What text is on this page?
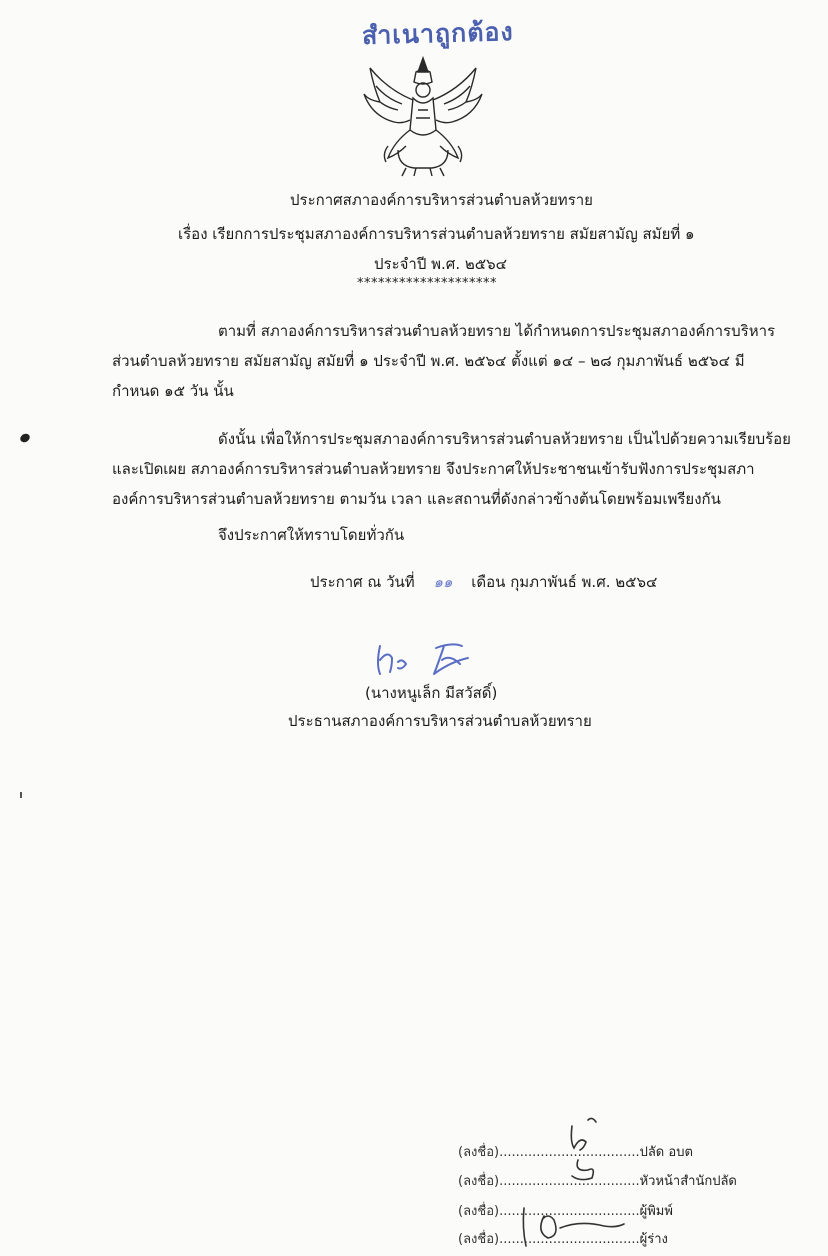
สำเนาถูกต้อง
ประกาศสภาองค์การบริหารส่วนตำบลห้วยทราย
เรื่อง เรียกการประชุมสภาองค์การบริหารส่วนตำบลห้วยทราย สมัยสามัญ สมัยที่ ๑
ประจำปี พ.ศ. ๒๕๖๔
********************
ตามที่ สภาองค์การบริหารส่วนตำบลห้วยทราย ได้กำหนดการประชุมสภาองค์การบริหาร
ส่วนตำบลห้วยทราย สมัยสามัญ สมัยที่ ๑ ประจำปี พ.ศ. ๒๕๖๔ ตั้งแต่ ๑๔ – ๒๘ กุมภาพันธ์ ๒๕๖๔ มี
กำหนด ๑๕ วัน นั้น
ดังนั้น เพื่อให้การประชุมสภาองค์การบริหารส่วนตำบลห้วยทราย เป็นไปด้วยความเรียบร้อย
และเปิดเผย สภาองค์การบริหารส่วนตำบลห้วยทราย จึงประกาศให้ประชาชนเข้ารับฟังการประชุมสภา
องค์การบริหารส่วนตำบลห้วยทราย ตามวัน เวลา และสถานที่ดังกล่าวข้างต้นโดยพร้อมเพรียงกัน
จึงประกาศให้ทราบโดยทั่วกัน
ประกาศ ณ วันที่ ๑๑ เดือน กุมภาพันธ์ พ.ศ. ๒๕๖๔
(นางหนูเล็ก มีสวัสดิ์)
ประธานสภาองค์การบริหารส่วนตำบลห้วยทราย
(ลงชื่อ)..................................ปลัด อบต
(ลงชื่อ)..................................หัวหน้าสำนักปลัด
(ลงชื่อ)..................................ผู้พิมพ์
(ลงชื่อ)..................................ผู้ร่าง
